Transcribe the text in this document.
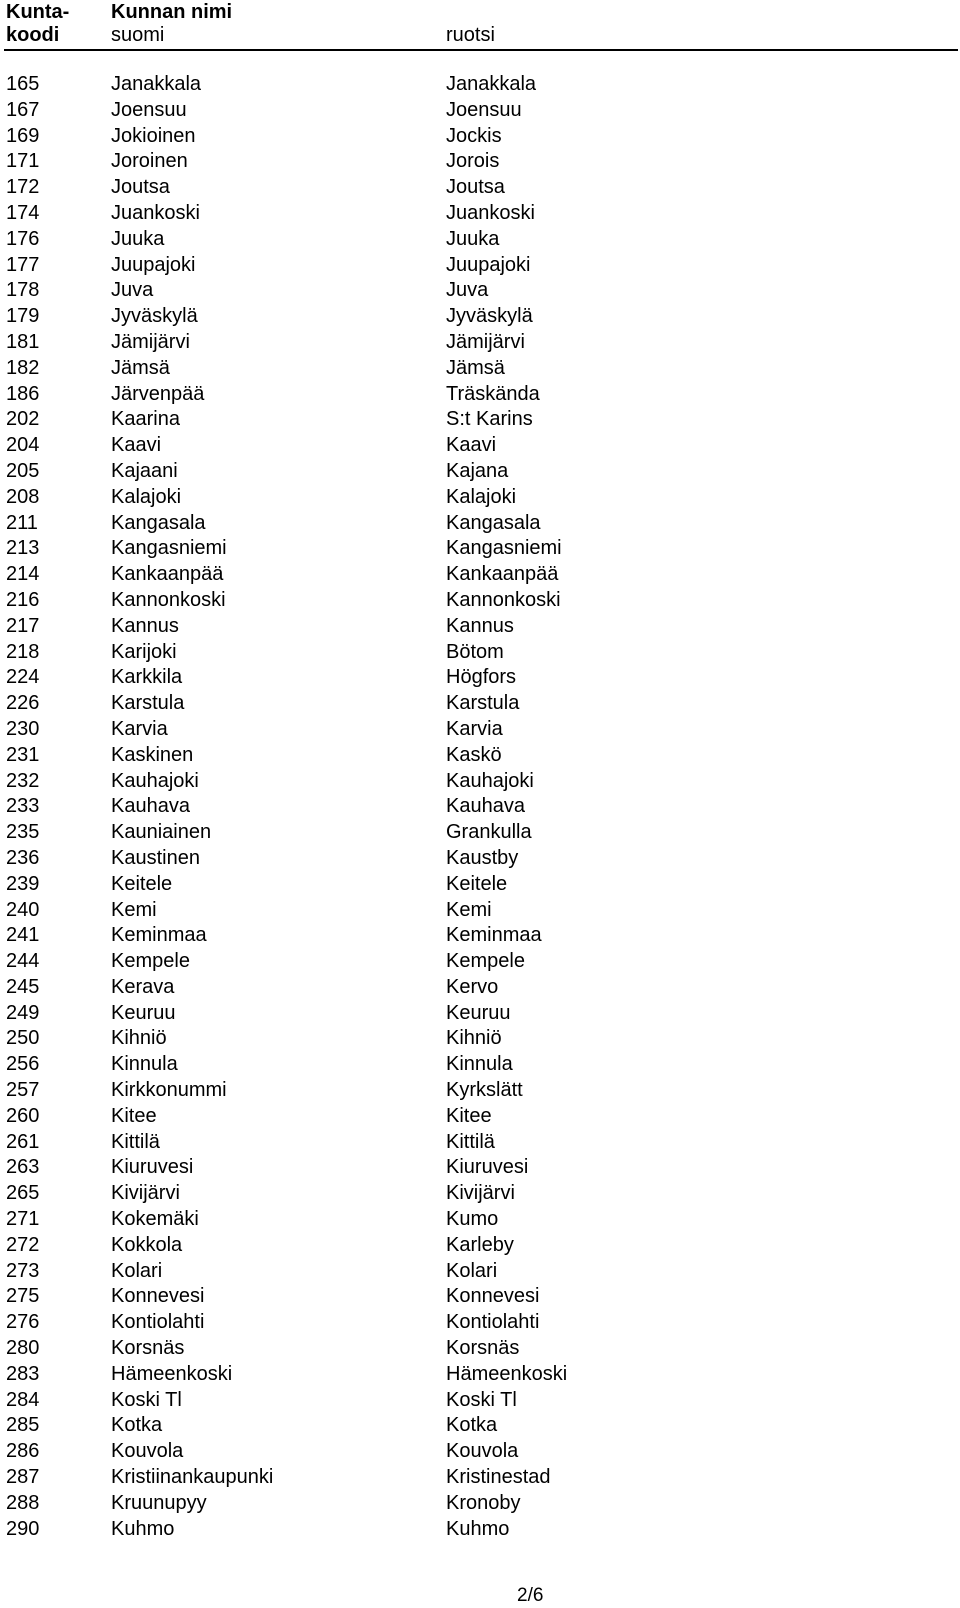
Kunta-
koodi
Kunnan nimi
suomi	ruotsi
165	Janakkala	Janakkala
167	Joensuu	Joensuu
169	Jokioinen	Jockis
171	Joroinen	Jorois
172	Joutsa	Joutsa
174	Juankoski	Juankoski
176	Juuka	Juuka
177	Juupajoki	Juupajoki
178	Juva	Juva
179	Jyväskylä	Jyväskylä
181	Jämijärvi	Jämijärvi
182	Jämsä	Jämsä
186	Järvenpää	Träskända
202	Kaarina	S:t Karins
204	Kaavi	Kaavi
205	Kajaani	Kajana
208	Kalajoki	Kalajoki
211	Kangasala	Kangasala
213	Kangasniemi	Kangasniemi
214	Kankaanpää	Kankaanpää
216	Kannonkoski	Kannonkoski
217	Kannus	Kannus
218	Karijoki	Bötom
224	Karkkila	Högfors
226	Karstula	Karstula
230	Karvia	Karvia
231	Kaskinen	Kaskö
232	Kauhajoki	Kauhajoki
233	Kauhava	Kauhava
235	Kauniainen	Grankulla
236	Kaustinen	Kaustby
239	Keitele	Keitele
240	Kemi	Kemi
241	Keminmaa	Keminmaa
244	Kempele	Kempele
245	Kerava	Kervo
249	Keuruu	Keuruu
250	Kihniö	Kihniö
256	Kinnula	Kinnula
257	Kirkkonummi	Kyrkslätt
260	Kitee	Kitee
261	Kittilä	Kittilä
263	Kiuruvesi	Kiuruvesi
265	Kivijärvi	Kivijärvi
271	Kokemäki	Kumo
272	Kokkola	Karleby
273	Kolari	Kolari
275	Konnevesi	Konnevesi
276	Kontiolahti	Kontiolahti
280	Korsnäs	Korsnäs
283	Hämeenkoski	Hämeenkoski
284	Koski Tl	Koski Tl
285	Kotka	Kotka
286	Kouvola	Kouvola
287	Kristiinankaupunki	Kristinestad
288	Kruunupyy	Kronoby
290	Kuhmo	Kuhmo
2/6
